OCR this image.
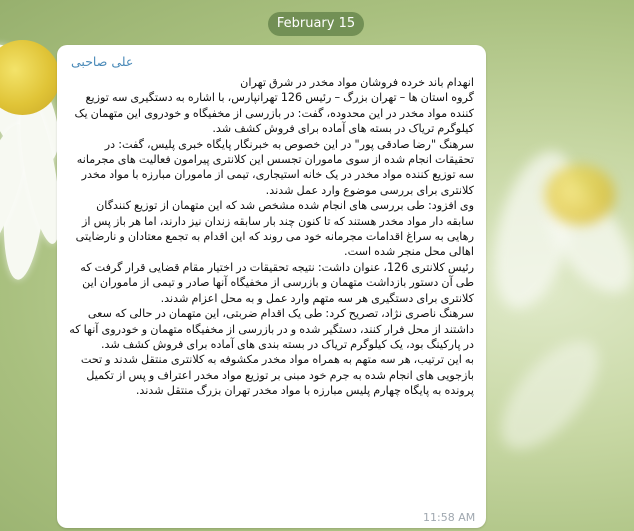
February 15
علی صاحبی
انهدام باند خرده فروشان مواد مخدر در شرق تهران
گروه استان ها – تهران بزرگ – رئیس 126 تهرانپارس، با اشاره به دستگیری سه توزیع کننده مواد مخدر در این محدوده، گفت: در بازرسی از مخفیگاه و خودروی این متهمان یک کیلوگرم تریاک در بسته های آماده برای فروش کشف شد.
سرهنگ "رضا صادقی پور" در این خصوص به خبرنگار پایگاه خبری پلیس، گفت: در تحقیقات انجام شده از سوی ماموران تجسس این کلانتری پیرامون فعالیت های مجرمانه سه توزیع کننده مواد مخدر در یک خانه استیجاری، تیمی از ماموران مبارزه با مواد مخدر کلانتری برای بررسی موضوع وارد عمل شدند.
وی افزود: طی بررسی های انجام شده مشخص شد که این متهمان از توزیع کنندگان سابقه دار مواد مخدر هستند که تا کنون چند بار سابقه زندان نیز دارند، اما هر باز پس از رهایی به سراغ اقدامات مجرمانه خود می روند که این اقدام به تجمع معتادان و نارضایتی اهالی محل منجر شده است.
رئیس کلانتری 126، عنوان داشت: نتیجه تحقیقات در اختیار مقام قضایی قرار گرفت که طی آن دستور بازداشت متهمان و بازرسی از مخفیگاه آنها صادر و تیمی از ماموران این کلانتری برای دستگیری هر سه متهم وارد عمل و به محل اعزام شدند.
سرهنگ ناصری نژاد، تصریح کرد: طی یک اقدام ضربتی، این متهمان در حالی که سعی داشتند از محل فرار کنند، دستگیر شده و در بازرسی از مخفیگاه متهمان و خودروی آنها که در پارکینگ بود، یک کیلوگرم تریاک در بسته بندی های آماده برای فروش کشف شد.
به این ترتیب، هر سه متهم به همراه مواد مخدر مکشوفه به کلانتری منتقل شدند و تحت بازجویی های انجام شده به جرم خود مبنی بر توزیع مواد مخدر اعتراف و پس از تکمیل پرونده به پایگاه چهارم پلیس مبارزه با مواد مخدر تهران بزرگ منتقل شدند.
11:58 AM
